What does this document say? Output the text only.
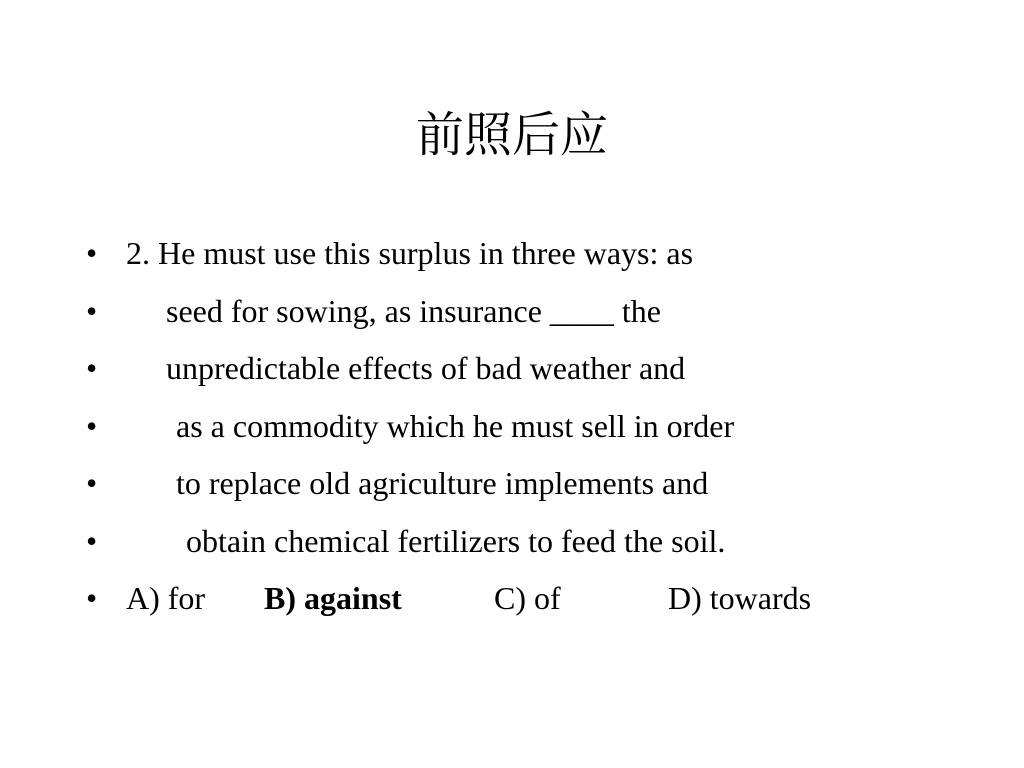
前照后应

•

2. He must use this surplus in three ways: as

•

seed for sowing, as insurance ____ the

•

unpredictable effects of bad weather and

•

as a commodity which he must sell in order

•

to replace old agriculture implements and

•

	obtain chemical fertilizers to feed the soil.

•

A) for

B) against

	C) of

	D) towards
